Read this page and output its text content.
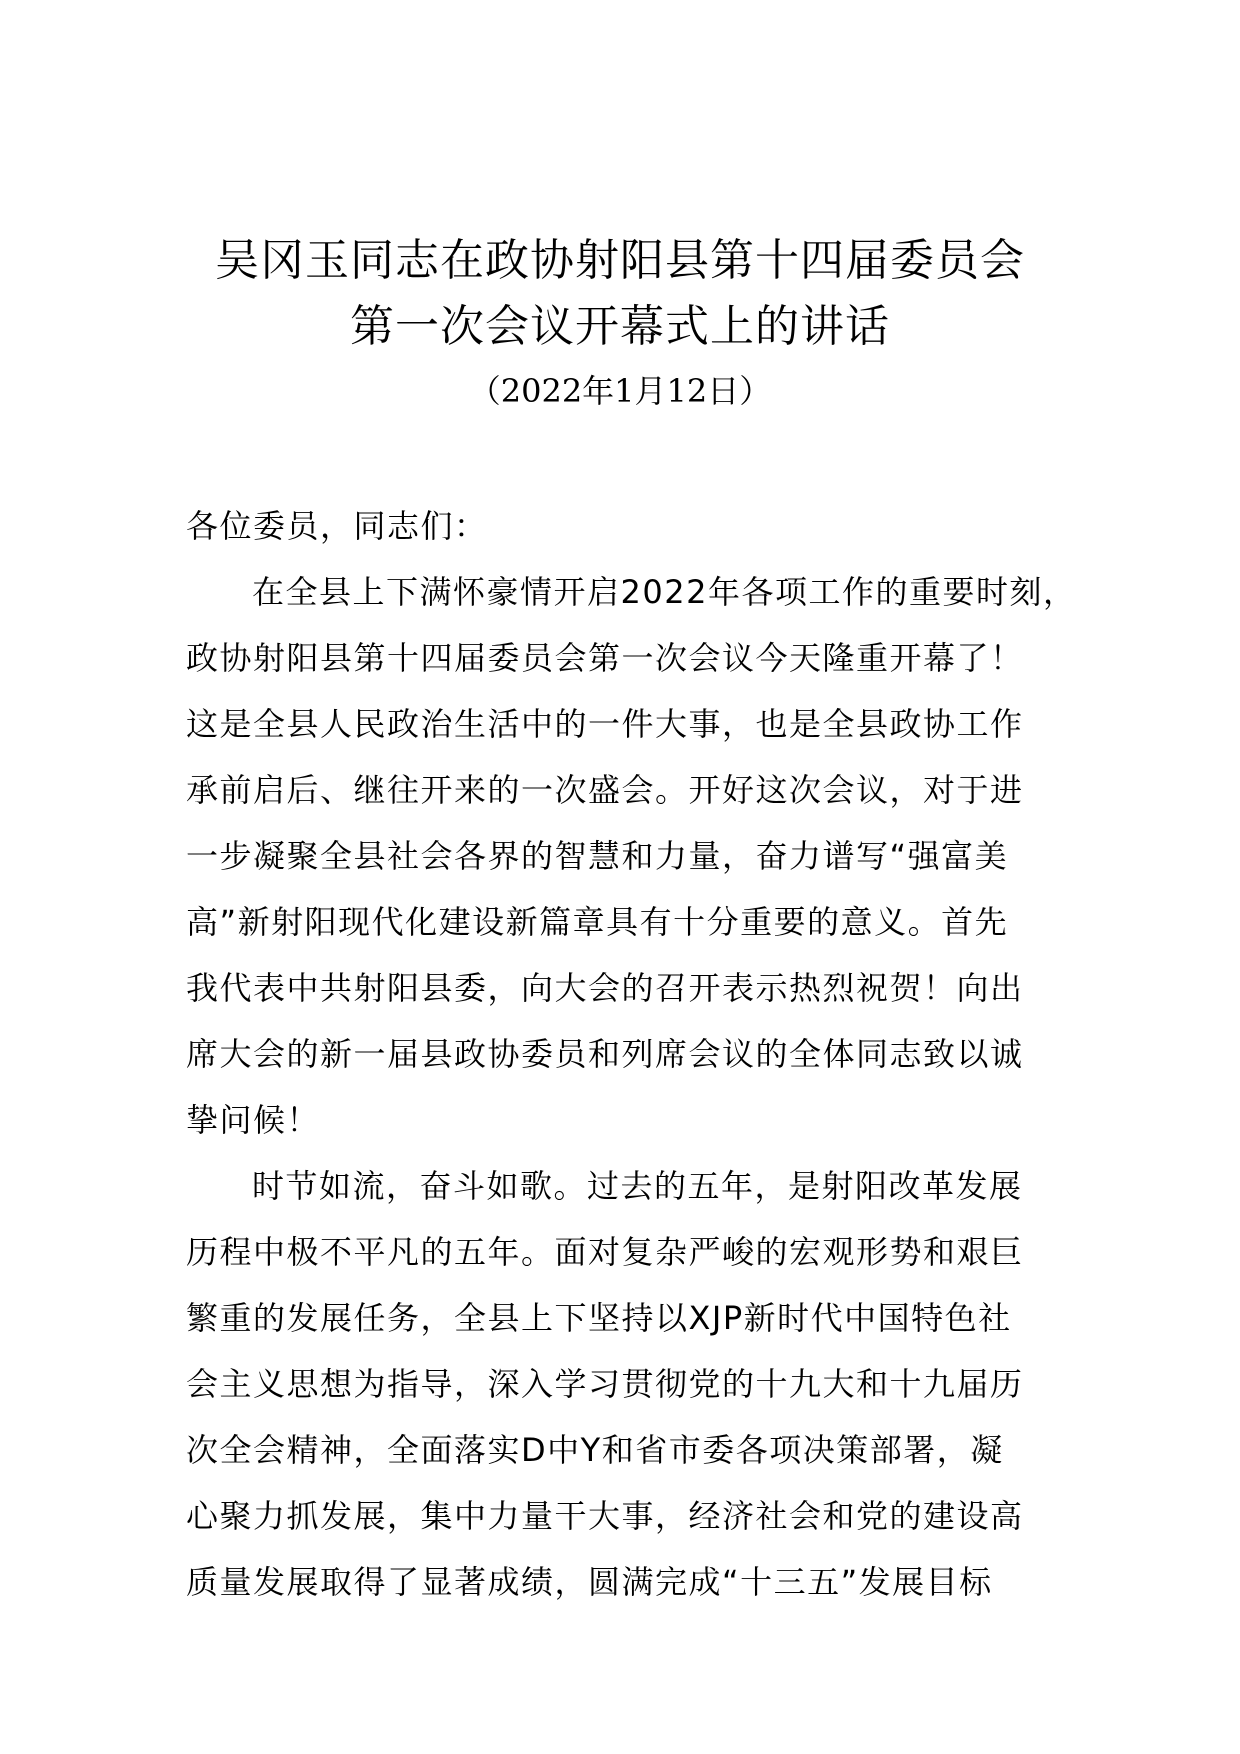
吴冈玉同志在政协射阳县第十四届委员会
第一次会议开幕式上的讲话
（2022年1月12日）
各位委员，同志们：
在全县上下满怀豪情开启2022年各项工作的重要时刻，
政协射阳县第十四届委员会第一次会议今天隆重开幕了！
这是全县人民政治生活中的一件大事，也是全县政协工作
承前启后、继往开来的一次盛会。开好这次会议，对于进
一步凝聚全县社会各界的智慧和力量，奋力谱写“强富美
高”新射阳现代化建设新篇章具有十分重要的意义。首先
我代表中共射阳县委，向大会的召开表示热烈祝贺！向出
席大会的新一届县政协委员和列席会议的全体同志致以诚
挚问候！
时节如流，奋斗如歌。过去的五年，是射阳改革发展
历程中极不平凡的五年。面对复杂严峻的宏观形势和艰巨
繁重的发展任务，全县上下坚持以XJP新时代中国特色社
会主义思想为指导，深入学习贯彻党的十九大和十九届历
次全会精神，全面落实D中Y和省市委各项决策部署，凝
心聚力抓发展，集中力量干大事，经济社会和党的建设高
质量发展取得了显著成绩，圆满完成“十三五”发展目标
